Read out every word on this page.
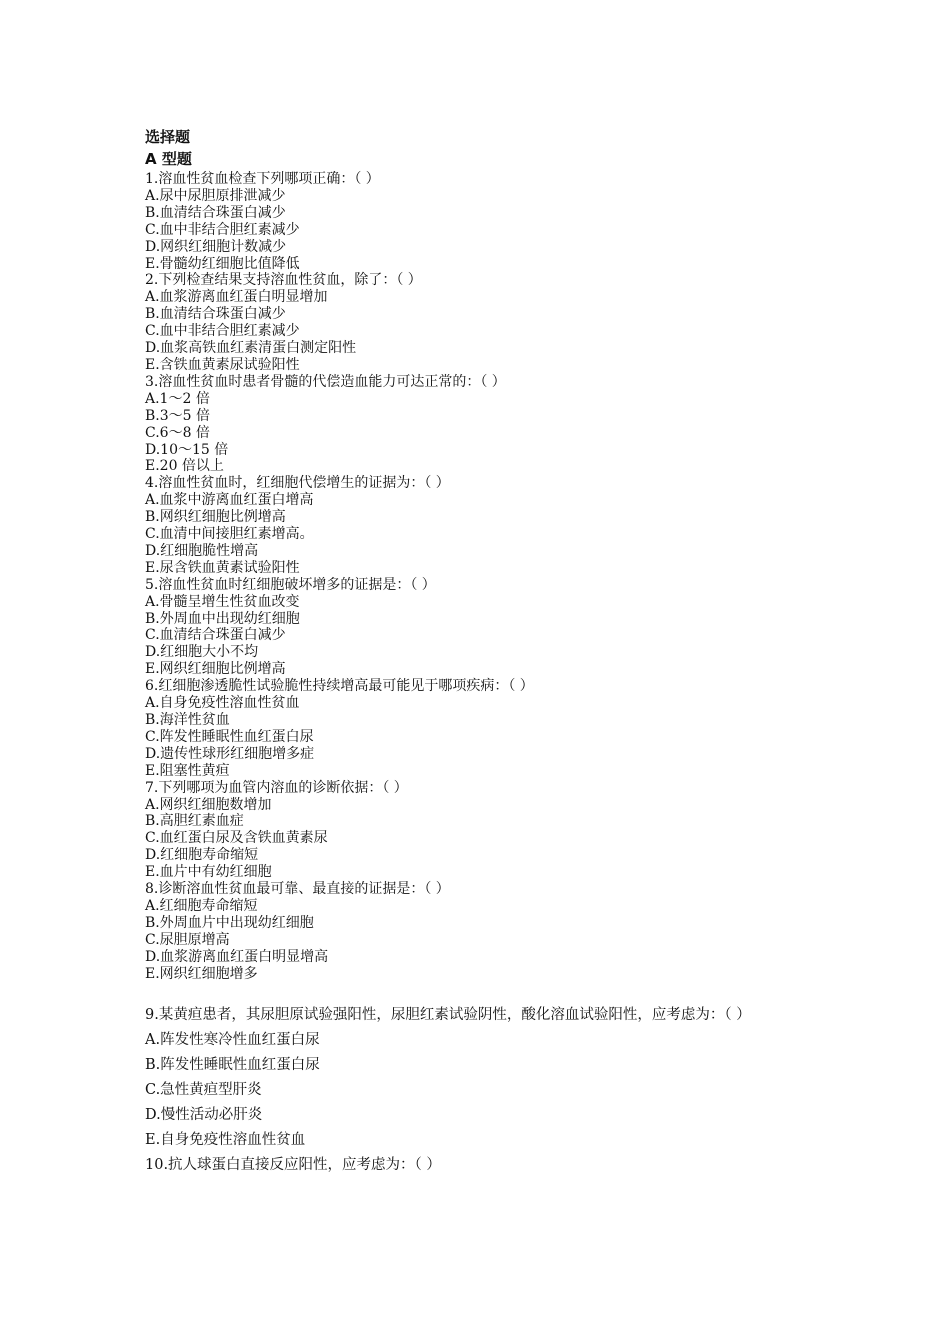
选择题
A 型题
1.溶血性贫血检查下列哪项正确：（ ）
A.尿中尿胆原排泄减少
B.血清结合珠蛋白减少
C.血中非结合胆红素减少
D.网织红细胞计数减少
E.骨髓幼红细胞比值降低
2.下列检查结果支持溶血性贫血，除了：（ ）
A.血浆游离血红蛋白明显增加
B.血清结合珠蛋白减少
C.血中非结合胆红素减少
D.血浆高铁血红素清蛋白测定阳性
E.含铁血黄素尿试验阳性
3.溶血性贫血时患者骨髓的代偿造血能力可达正常的：（ ）
A.1～2 倍
B.3～5 倍
C.6～8 倍
D.10～15 倍
E.20 倍以上
4.溶血性贫血时，红细胞代偿增生的证据为：（ ）
A.血浆中游离血红蛋白增高
B.网织红细胞比例增高
C.血清中间接胆红素增高。
D.红细胞脆性增高
E.尿含铁血黄素试验阳性
5.溶血性贫血时红细胞破坏增多的证据是：（ ）
A.骨髓呈增生性贫血改变
B.外周血中出现幼红细胞
C.血清结合珠蛋白减少
D.红细胞大小不均
E.网织红细胞比例增高
6.红细胞渗透脆性试验脆性持续增高最可能见于哪项疾病：（ ）
A.自身免疫性溶血性贫血
B.海洋性贫血
C.阵发性睡眠性血红蛋白尿
D.遗传性球形红细胞增多症
E.阻塞性黄疸
7.下列哪项为血管内溶血的诊断依据：（ ）
A.网织红细胞数增加
B.高胆红素血症
C.血红蛋白尿及含铁血黄素尿
D.红细胞寿命缩短
E.血片中有幼红细胞
8.诊断溶血性贫血最可靠、最直接的证据是：（ ）
A.红细胞寿命缩短
B.外周血片中出现幼红细胞
C.尿胆原增高
D.血浆游离血红蛋白明显增高
E.网织红细胞增多
9.某黄疸患者，其尿胆原试验强阳性，尿胆红素试验阴性，酸化溶血试验阳性，应考虑为：（ ）
A.阵发性寒冷性血红蛋白尿
B.阵发性睡眠性血红蛋白尿
C.急性黄疸型肝炎
D.慢性活动必肝炎
E.自身免疫性溶血性贫血
10.抗人球蛋白直接反应阳性，应考虑为：（ ）
